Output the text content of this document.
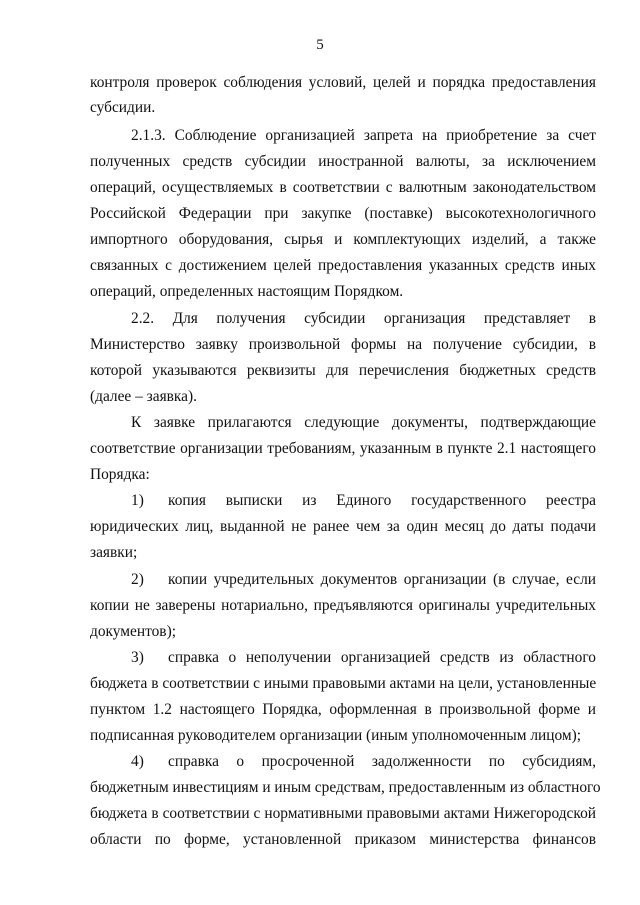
5
контроля проверок соблюдения условий, целей и порядка предоставления
субсидии.
2.1.3. Соблюдение организацией запрета на приобретение за счет
полученных средств субсидии иностранной валюты, за исключением
операций, осуществляемых в соответствии с валютным законодательством
Российской Федерации при закупке (поставке) высокотехнологичного
импортного оборудования, сырья и комплектующих изделий, а также
связанных с достижением целей предоставления указанных средств иных
операций, определенных настоящим Порядком.
2.2. Для получения субсидии организация представляет в
Министерство заявку произвольной формы на получение субсидии, в
которой указываются реквизиты для перечисления бюджетных средств
(далее – заявка).
К заявке прилагаются следующие документы, подтверждающие
соответствие организации требованиям, указанным в пункте 2.1 настоящего
Порядка:
1) копия выписки из Единого государственного реестра
юридических лиц, выданной не ранее чем за один месяц до даты подачи
заявки;
2) копии учредительных документов организации (в случае, если
копии не заверены нотариально, предъявляются оригиналы учредительных
документов);
3) справка о неполучении организацией средств из областного
бюджета в соответствии с иными правовыми актами на цели, установленные
пунктом 1.2 настоящего Порядка, оформленная в произвольной форме и
подписанная руководителем организации (иным уполномоченным лицом);
4) справка о просроченной задолженности по субсидиям,
бюджетным инвестициям и иным средствам, предоставленным из областного
бюджета в соответствии с нормативными правовыми актами Нижегородской
области по форме, установленной приказом министерства финансов
